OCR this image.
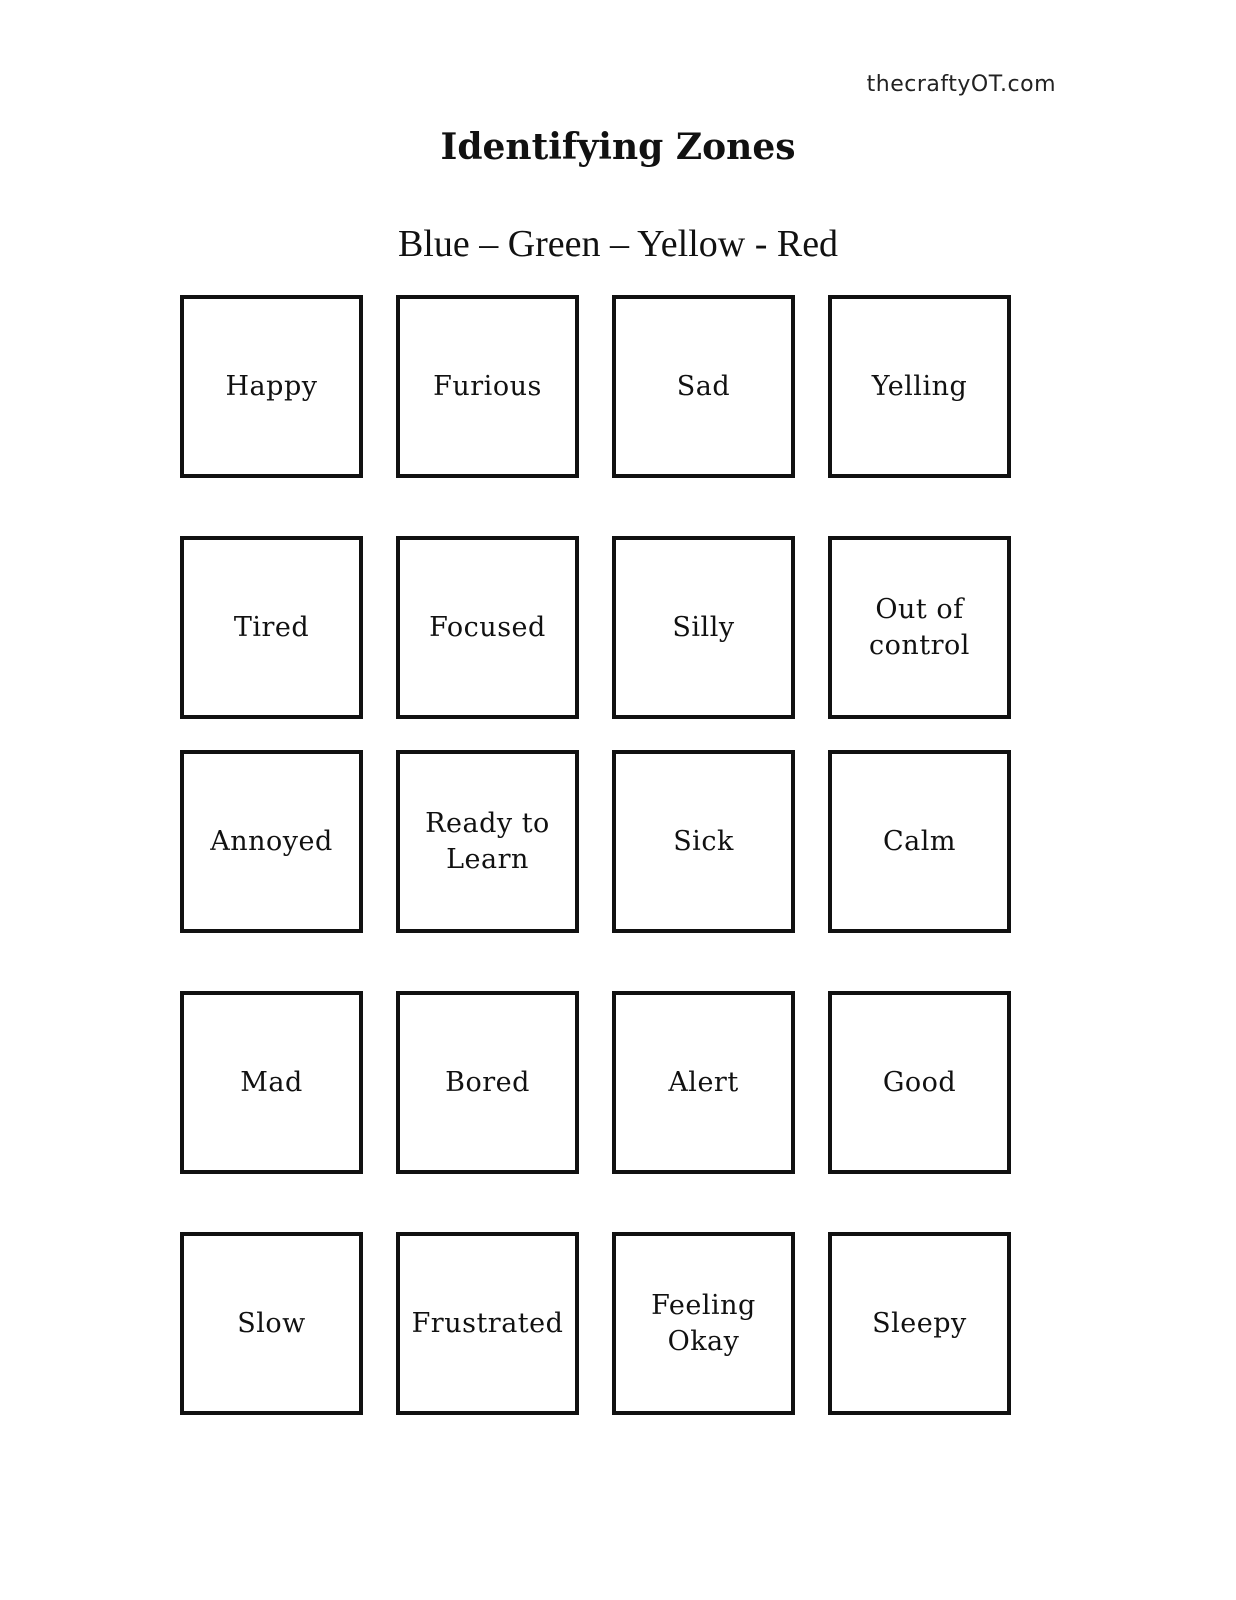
thecraftyOT.com
Identifying Zones
Blue – Green – Yellow - Red
Happy	Furious	Sad	Yelling
Tired	Focused	Silly
Out of control
Annoyed
Ready to Learn
Sick	Calm
Mad	Bored	Alert	Good
Slow	Frustrated
Feeling Okay
Sleepy
